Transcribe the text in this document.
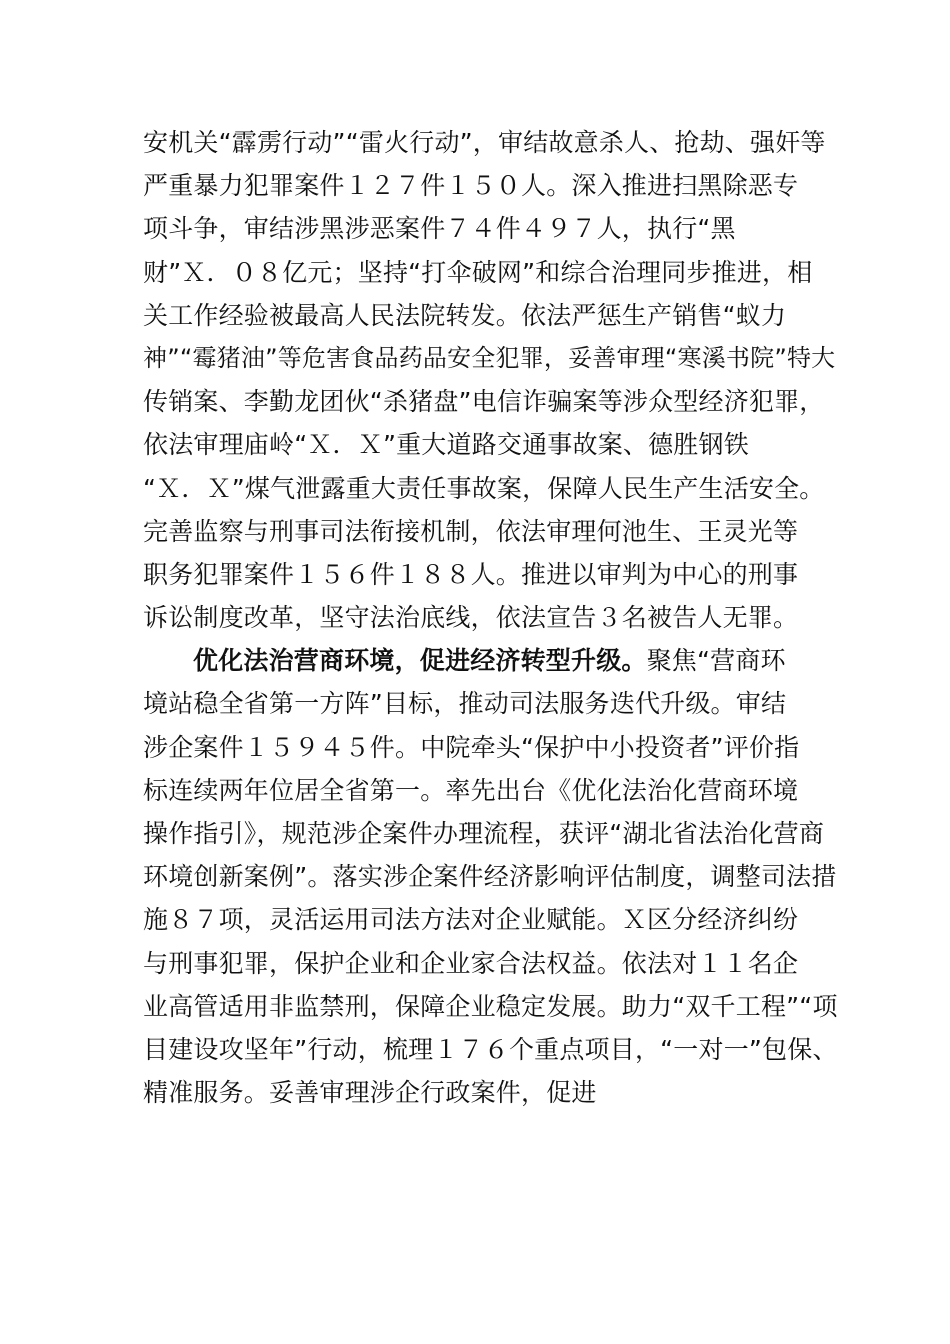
安机关“霹雳行动”“雷火行动”，审结故意杀人、抢劫、强奸等
严重暴力犯罪案件１２７件１５０人。深入推进扫黑除恶专
项斗争，审结涉黑涉恶案件７４件４９７人，执行“黑
财”Ｘ．０８亿元；坚持“打伞破网”和综合治理同步推进，相
关工作经验被最高人民法院转发。依法严惩生产销售“蚁力
神”“霉猪油”等危害食品药品安全犯罪，妥善审理“寒溪书院”特大
传销案、李勤龙团伙“杀猪盘”电信诈骗案等涉众型经济犯罪，
依法审理庙岭“Ｘ．Ｘ”重大道路交通事故案、德胜钢铁
“Ｘ．Ｘ”煤气泄露重大责任事故案，保障人民生产生活安全。
完善监察与刑事司法衔接机制，依法审理何池生、王灵光等
职务犯罪案件１５６件１８８人。推进以审判为中心的刑事
诉讼制度改革，坚守法治底线，依法宣告３名被告人无罪。
优化法治营商环境，促进经济转型升级。聚焦“营商环
境站稳全省第一方阵”目标，推动司法服务迭代升级。审结
涉企案件１５９４５件。中院牵头“保护中小投资者”评价指
标连续两年位居全省第一。率先出台《优化法治化营商环境
操作指引》，规范涉企案件办理流程，获评“湖北省法治化营商
环境创新案例”。落实涉企案件经济影响评估制度，调整司法措
施８７项，灵活运用司法方法对企业赋能。Ｘ区分经济纠纷
与刑事犯罪，保护企业和企业家合法权益。依法对１１名企
业高管适用非监禁刑，保障企业稳定发展。助力“双千工程”“项
目建设攻坚年”行动，梳理１７６个重点项目，“一对一”包保、
精准服务。妥善审理涉企行政案件，促进
